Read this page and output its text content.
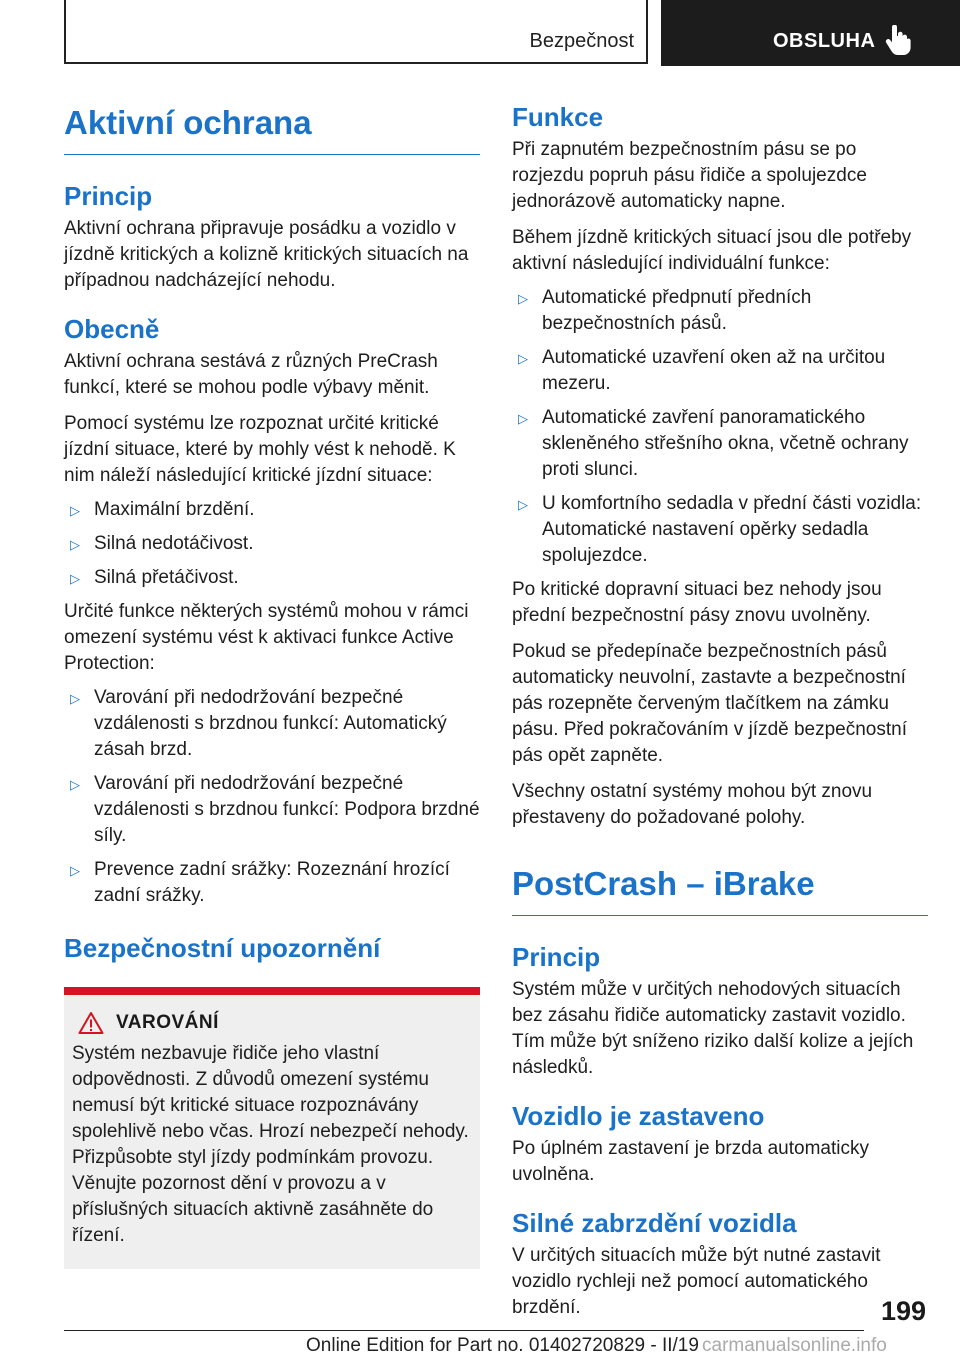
Bezpečnost	OBSLUHA
Aktivní ochrana
Princip

Aktivní ochrana připravuje posádku a vozidlo v jízdně kritických a kolizně kritických situacích na případnou nadcházející nehodu.

Obecně

Aktivní ochrana sestává z různých PreCrash funkcí, které se mohou podle výbavy měnit.

Pomocí systému lze rozpoznat určité kritické jízdní situace, které by mohly vést k nehodě. K nim náleží následující kritické jízdní situace:

▷ Maximální brzdění.
▷ Silná nedotáčivost.
▷ Silná přetáčivost.

Určité funkce některých systémů mohou v rámci omezení systému vést k aktivaci funkce Active Protection:

▷ Varování při nedodržování bezpečné vzdálenosti s brzdnou funkcí: Automatický zásah brzd.
▷ Varování při nedodržování bezpečné vzdálenosti s brzdnou funkcí: Podpora brzdné síly.
▷ Prevence zadní srážky: Rozeznání hrozící zadní srážky.
Bezpečnostní upozornění
VAROVÁNÍ

Systém nezbavuje řidiče jeho vlastní odpovědnosti. Z důvodů omezení systému nemusí být kritické situace rozpoznávány spolehlivě nebo včas. Hrozí nebezpečí nehody. Přizpůsobte styl jízdy podmínkám provozu. Věnujte pozornost dění v provozu a v příslušných situacích aktivně zasáhněte do řízení.

Funkce

Při zapnutém bezpečnostním pásu se po rozjezdu popruh pásu řidiče a spolujezdce jednorázově automaticky napne.

Během jízdně kritických situací jsou dle potřeby aktivní následující individuální funkce:

▷ Automatické předpnutí předních bezpečnostních pásů.
▷ Automatické uzavření oken až na určitou mezeru.
▷ Automatické zavření panoramatického skleněného střešního okna, včetně ochrany proti slunci.
▷ U komfortního sedadla v přední části vozidla: Automatické nastavení opěrky sedadla spolujezdce.

Po kritické dopravní situaci bez nehody jsou přední bezpečnostní pásy znovu uvolněny.

Pokud se předepínače bezpečnostních pásů automaticky neuvolní, zastavte a bezpečnostní pás rozepněte červeným tlačítkem na zámku pásu. Před pokračováním v jízdě bezpečnostní pás opět zapněte.

Všechny ostatní systémy mohou být znovu přestaveny do požadované polohy.

PostCrash – iBrake
Princip

Systém může v určitých nehodových situacích bez zásahu řidiče automaticky zastavit vozidlo. Tím může být sníženo riziko další kolize a jejích následků.

Vozidlo je zastaveno

Po úplném zastavení je brzda automaticky uvolněna.

Silné zabrzdění vozidla

V určitých situacích může být nutné zastavit vozidlo rychleji než pomocí automatického brzdění.	199
Online Edition for Part no. 01402720829 - II/19 carmanualsonline.info
